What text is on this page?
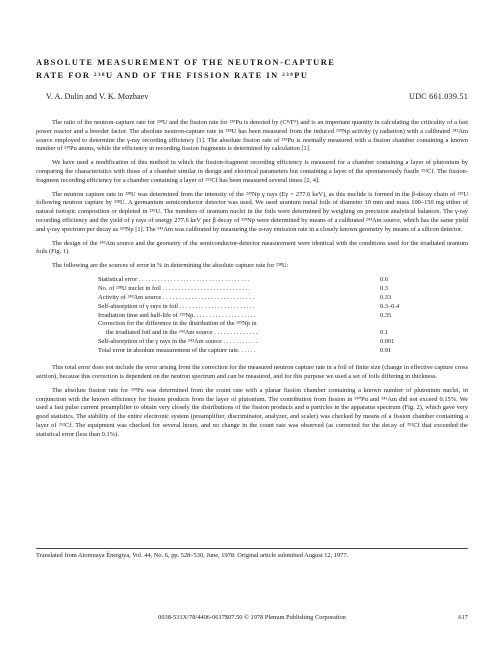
ABSOLUTE MEASUREMENT OF THE NEUTRON-CAPTURE
RATE FOR ²³⁸U AND OF THE FISSION RATE IN ²³⁹PU
V. A. Dulin and V. K. Mozhaev	UDC 661.039.51

The ratio of the neutron-capture rate for ²³⁸U and the fission rate for ²³⁹Pu is denoted by (C⁸/F⁹) and is an important quantity in calculating the criticality of a fast power reactor and a breeder factor. The absolute neutron-capture rate in ²³⁸U has been measured from the induced ²³⁹Np activity (γ radiation) with a calibrated ²⁴³Am source employed to determine the γ-ray recording efficiency [1]. The absolute fission rate of ²³⁹Pu is normally measured with a fission chamber containing a known number of ²³⁹Pu atoms, while the efficiency in recording fission fragments is determined by calculation [1].

We have used a modification of this method in which the fission-fragment recording efficiency is measured for a chamber containing a layer of plutonium by comparing the characteristics with those of a chamber similar in design and electrical parameters but containing a layer of the spontaneously fissile ²⁵²Cf. The fission-fragment recording efficiency for a chamber containing a layer of ²⁵²Cf has been measured several times [2, 4].

The neutron capture rate in ²³⁸U was determined from the intensity of the ²³⁹Np γ rays (Eγ = 277.6 keV), as this nuclide is formed in the β-decay chain of ²³⁹U following neutron capture by ²³⁸U. A germanium semiconductor detector was used. We used uranium metal foils of diameter 10 mm and mass 100–150 mg either of natural isotopic composition or depleted in ²³⁵U. The numbers of uranium nuclei in the foils were determined by weighing on precision analytical balances. The γ-ray recording efficiency and the yield of γ rays of energy 277.6 keV per β decay of ²³⁹Np were determined by means of a calibrated ²⁴³Am source, which has the same yield and γ-ray spectrum per decay as ²³⁹Np [1]. The ²⁴³Am was calibrated by measuring the α-ray emission rate in a closely known geometry by means of a silicon detector.

The design of the ²⁴³Am source and the geometry of the semiconductor-detector measurement were identical with the conditions used for the irradiated uranium foils (Fig. 1).

The following are the sources of error in % in determining the absolute capture rate for ²³⁸U:

Statistical error . . . . . . . . . . . . . . . . . . . . . . . . . . . . . . . . . . .	0.6
No. of ²³⁸U nuclei in foil . . . . . . . . . . . . . . . . . . . . . . . . . . . .	0.3
Activity of ²⁴³Am source . . . . . . . . . . . . . . . . . . . . . . . . . . . . .	0.33
Self-absorption of γ rays in foil . . . . . . . . . . . . . . . . . . . . . . . .	0.3–0.4
Irradiation time and half-life of ²³⁹Np. . . . . . . . . . . . . . . . . . . .	0.35
Correction for the difference in the distribution of the ²³⁹Np in
the irradiated foil and in the ²⁴³Am source . . . . . . . . . . . . . .	0.1
Self-absorption of the γ rays in the ²⁴³Am source . . . . . . . . . . .	0.001
Total error in absolute measurement of the capture rate. . . . . .	0.91

This total error does not include the error arising from the correction for the measured neutron capture rate in a foil of finite size (change in effective capture cross section), because this correction is dependent on the neutron spectrum and can be measured, and for this purpose we used a set of foils differing in thickness.

The absolute fission rate for ²³⁹Pu was determined from the count rate with a planar fission chamber containing a known number of plutonium nuclei, in conjunction with the known efficiency for fission products from the layer of plutonium. The contribution from fission in ²⁴⁰Pu and ²⁴¹Am did not exceed 0.15%. We used a fast pulse current preamplifier to obtain very closely the distributions of the fission products and α particles in the apparatus spectrum (Fig. 2), which gave very good statistics. The stability of the entire electronic system (preamplifier, discriminator, analyzer, and scaler) was checked by means of a fission chamber containing a layer of ²⁵²Cf. The equipment was checked for several hours, and no change in the count rate was observed (as corrected for the decay of ²⁵²Cf that exceeded the statistical error (less than 0.1%).

Translated from Atomnaya Énergiya, Vol. 44, No. 6, pp. 528–530, June, 1978. Original article submitted August 12, 1977.
0038-531X/78/4406-0617$07.50 © 1978 Plenum Publishing Corporation	617
